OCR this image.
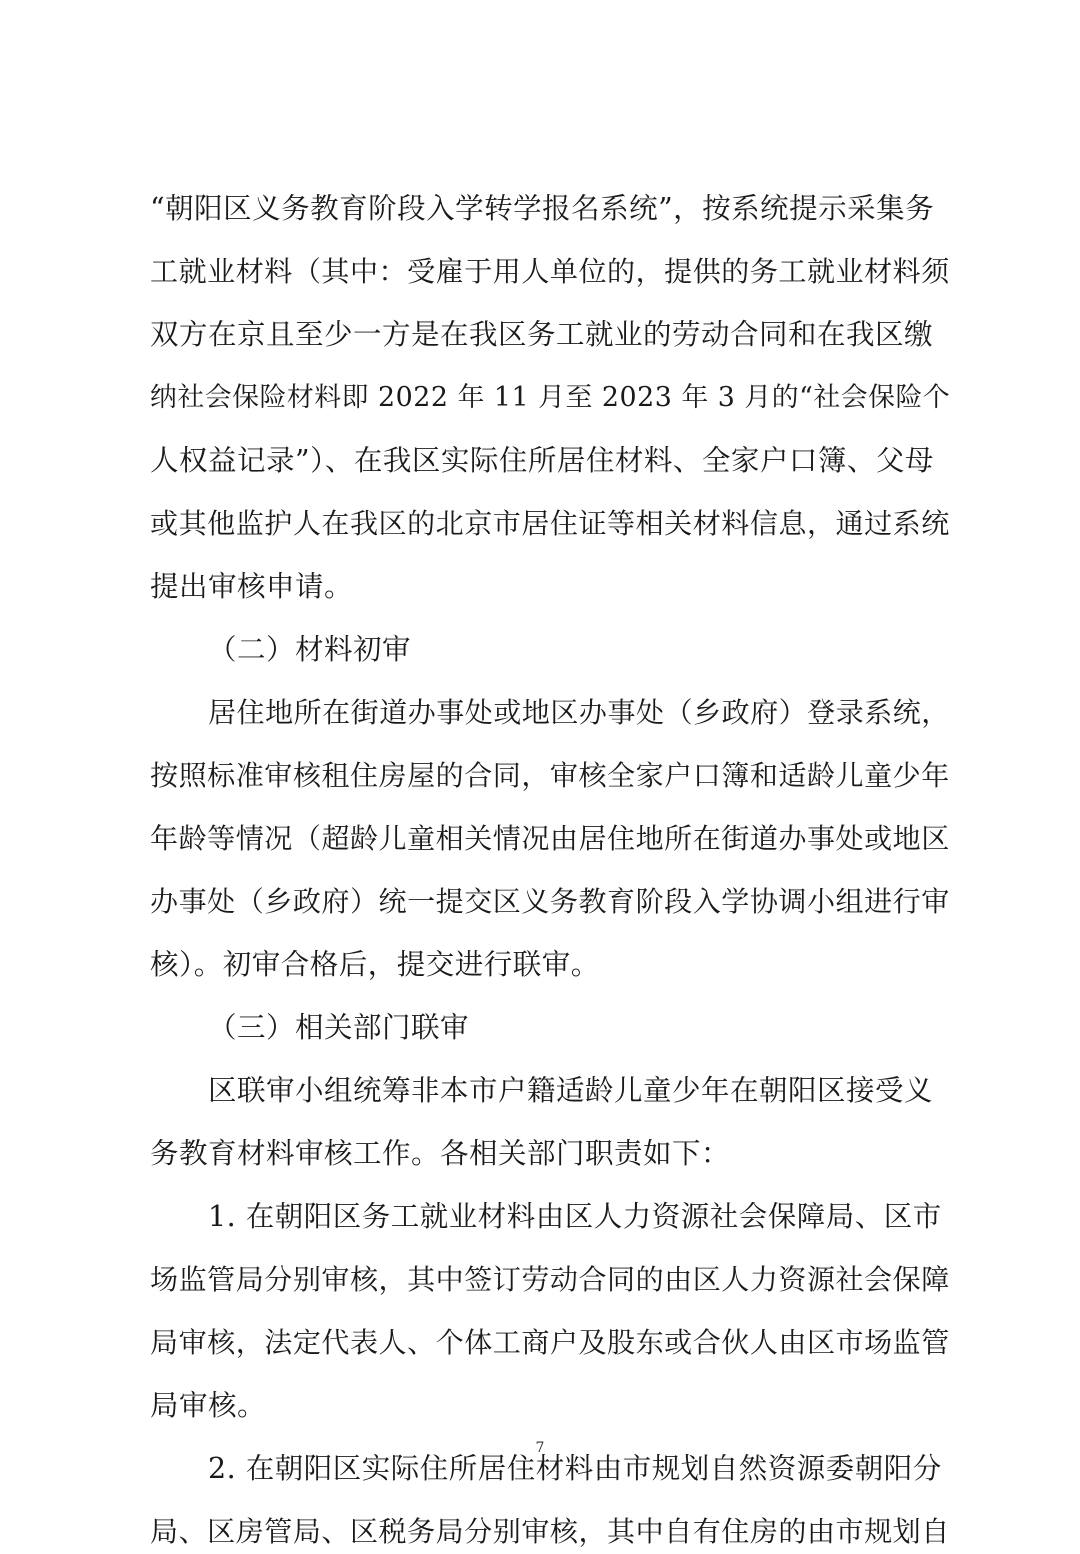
“朝阳区义务教育阶段入学转学报名系统”，按系统提示采集务
工就业材料（其中：受雇于用人单位的，提供的务工就业材料须
双方在京且至少一方是在我区务工就业的劳动合同和在我区缴
纳社会保险材料即 2022 年 11 月至 2023 年 3 月的“社会保险个
人权益记录”）、在我区实际住所居住材料、全家户口簿、父母
或其他监护人在我区的北京市居住证等相关材料信息，通过系统
提出审核申请。
（二）材料初审
居住地所在街道办事处或地区办事处（乡政府）登录系统，
按照标准审核租住房屋的合同，审核全家户口簿和适龄儿童少年
年龄等情况（超龄儿童相关情况由居住地所在街道办事处或地区
办事处（乡政府）统一提交区义务教育阶段入学协调小组进行审
核）。初审合格后，提交进行联审。
（三）相关部门联审
区联审小组统筹非本市户籍适龄儿童少年在朝阳区接受义
务教育材料审核工作。各相关部门职责如下：
1. 在朝阳区务工就业材料由区人力资源社会保障局、区市
场监管局分别审核，其中签订劳动合同的由区人力资源社会保障
局审核，法定代表人、个体工商户及股东或合伙人由区市场监管
局审核。
2. 在朝阳区实际住所居住材料由市规划自然资源委朝阳分
局、区房管局、区税务局分别审核，其中自有住房的由市规划自
7
